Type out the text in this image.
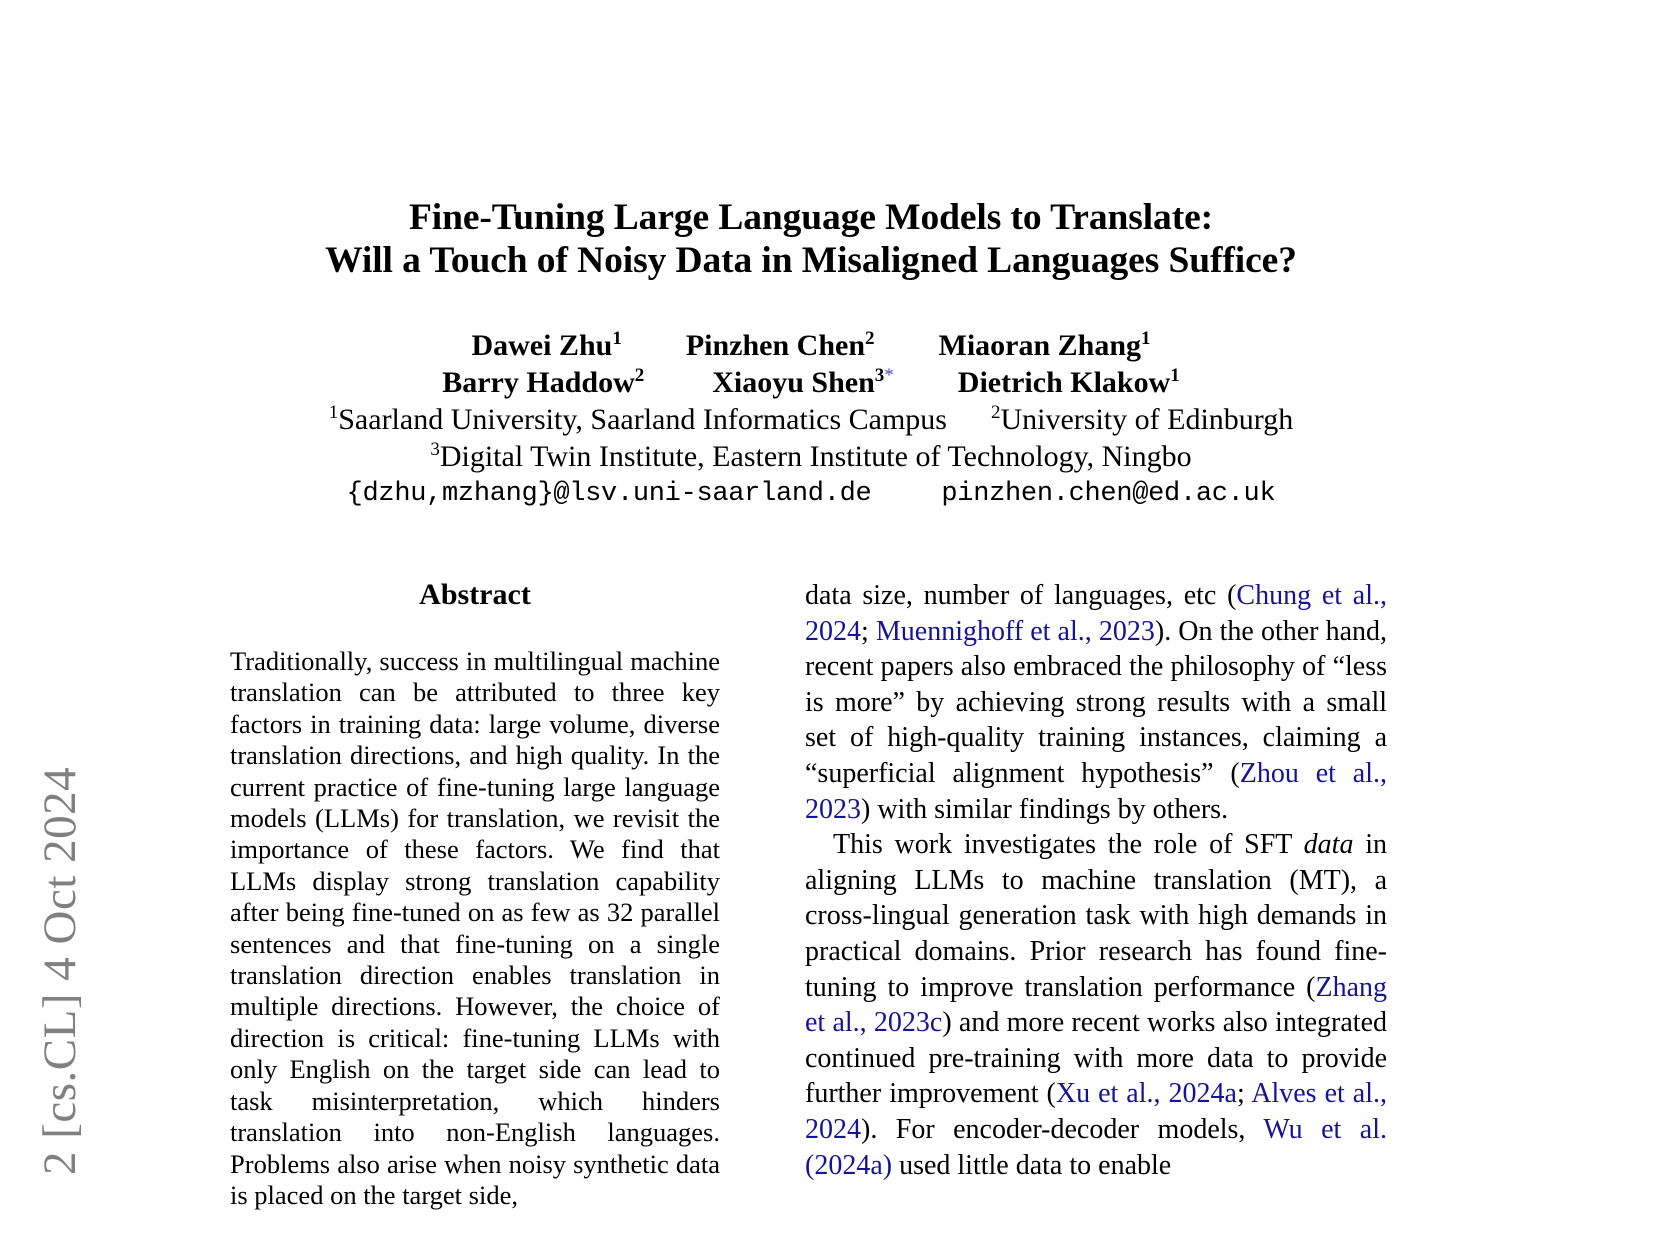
2 [cs.CL] 4 Oct 2024
Fine-Tuning Large Language Models to Translate:
Will a Touch of Noisy Data in Misaligned Languages Suffice?
Dawei Zhu$^1$ Pinzhen Chen$^2$ Miaoran Zhang$^1$
Barry Haddow$^2$ Xiaoyu Shen$^{3*}$ Dietrich Klakow$^1$
$^1$Saarland University, Saarland Informatics Campus $^2$University of Edinburgh
$^3$Digital Twin Institute, Eastern Institute of Technology, Ningbo
{dzhu,mzhang}@lsv.uni-saarland.de	pinzhen.chen@ed.ac.uk
Abstract

Traditionally, success in multilingual machine translation can be attributed to three key factors in training data: large volume, diverse translation directions, and high quality. In the current practice of fine-tuning large language models (LLMs) for translation, we revisit the importance of these factors. We find that LLMs display strong translation capability after being fine-tuned on as few as 32 parallel sentences and that fine-tuning on a single translation direction enables translation in multiple directions. However, the choice of direction is critical: fine-tuning LLMs with only English on the target side can lead to task misinterpretation, which hinders translation into non-English languages. Problems also arise when noisy synthetic data is placed on the target side,

data size, number of languages, etc (Chung et al., 2024; Muennighoff et al., 2023). On the other hand, recent papers also embraced the philosophy of “less is more” by achieving strong results with a small set of high-quality training instances, claiming a “superficial alignment hypothesis” (Zhou et al., 2023) with similar findings by others.

This work investigates the role of SFT data in aligning LLMs to machine translation (MT), a cross-lingual generation task with high demands in practical domains. Prior research has found fine-tuning to improve translation performance (Zhang et al., 2023c) and more recent works also integrated continued pre-training with more data to provide further improvement (Xu et al., 2024a; Alves et al., 2024). For encoder-decoder models, Wu et al. (2024a) used little data to enable
